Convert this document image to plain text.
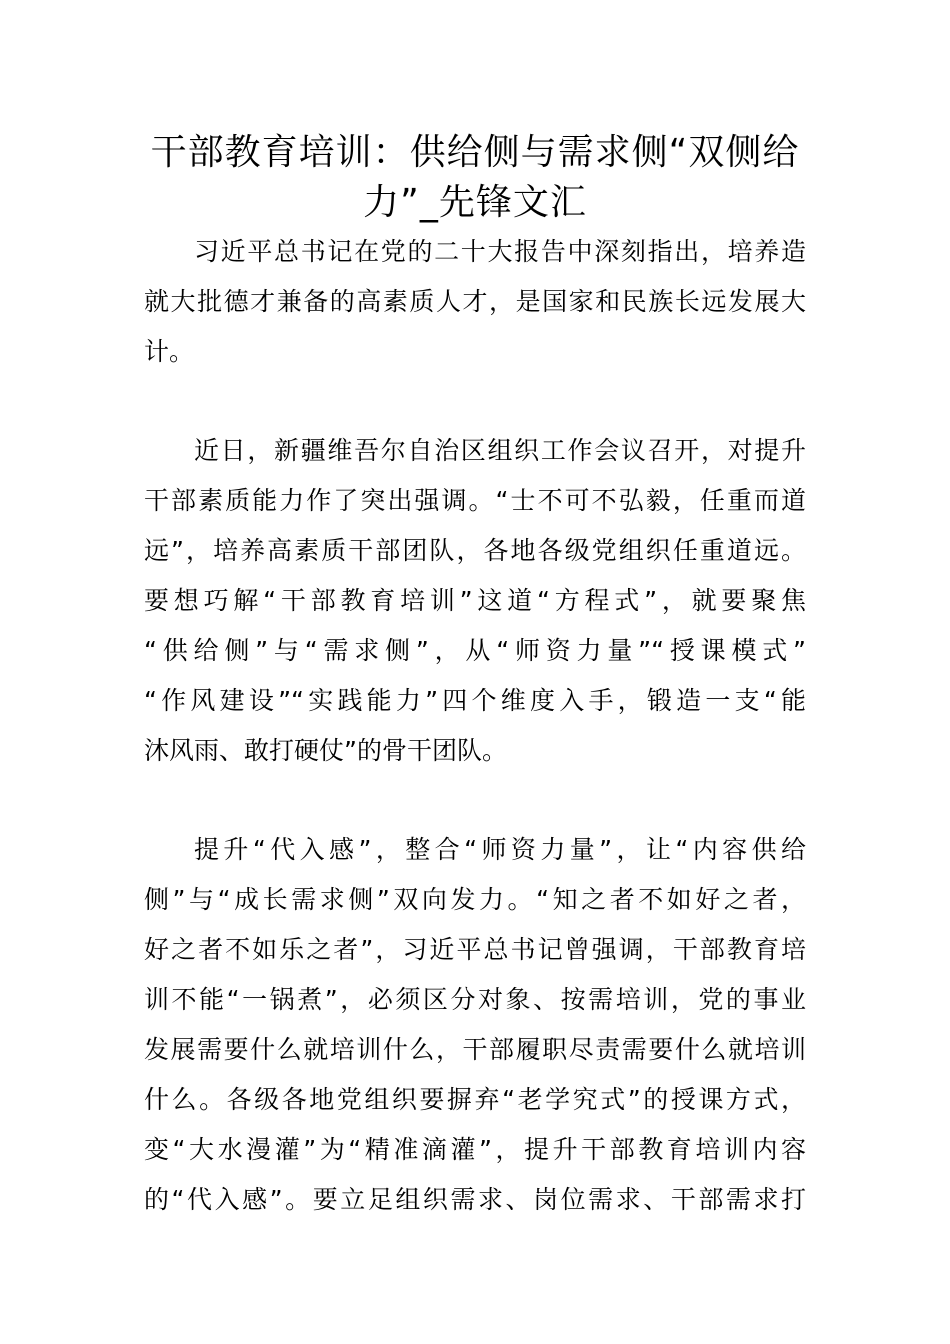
干部教育培训：供给侧与需求侧“双侧给
力”_先锋文汇
习近平总书记在党的二十大报告中深刻指出，培养造
就大批德才兼备的高素质人才，是国家和民族长远发展大
计。
近日，新疆维吾尔自治区组织工作会议召开，对提升
干部素质能力作了突出强调。“士不可不弘毅，任重而道
远”，培养高素质干部团队，各地各级党组织任重道远。
要想巧解“干部教育培训”这道“方程式”，就要聚焦
“供给侧”与“需求侧”，从“师资力量”“授课模式”
“作风建设”“实践能力”四个维度入手，锻造一支“能
沐风雨、敢打硬仗”的骨干团队。
提升“代入感”，整合“师资力量”，让“内容供给
侧”与“成长需求侧”双向发力。“知之者不如好之者，
好之者不如乐之者”，习近平总书记曾强调，干部教育培
训不能“一锅煮”，必须区分对象、按需培训，党的事业
发展需要什么就培训什么，干部履职尽责需要什么就培训
什么。各级各地党组织要摒弃“老学究式”的授课方式，
变“大水漫灌”为“精准滴灌”，提升干部教育培训内容
的“代入感”。要立足组织需求、岗位需求、干部需求打
